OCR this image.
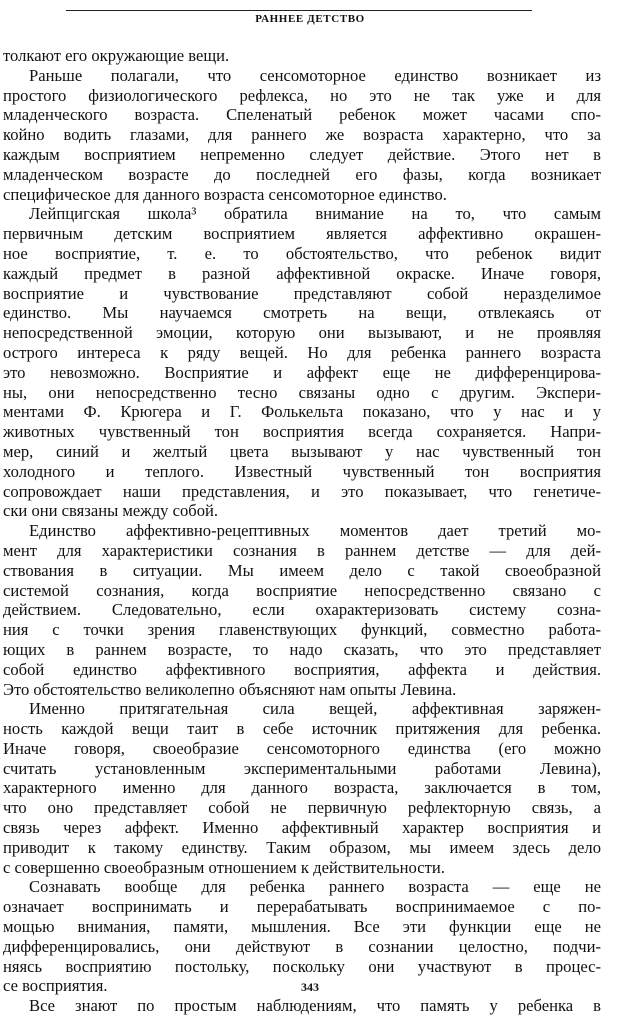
РАННЕЕ ДЕТСТВО
толкают его окружающие вещи.
Раньше полагали, что сенсомоторное единство возникает из
простого физиологического рефлекса, но это не так уже и для
младенческого возраста. Спеленатый ребенок может часами спо-
койно водить глазами, для раннего же возраста характерно, что за
каждым восприятием непременно следует действие. Этого нет в
младенческом возрасте до последней его фазы, когда возникает
специфическое для данного возраста сенсомоторное единство.
Лейпцигская школа³ обратила внимание на то, что самым
первичным детским восприятием является аффективно окрашен-
ное восприятие, т. е. то обстоятельство, что ребенок видит
каждый предмет в разной аффективной окраске. Иначе говоря,
восприятие и чувствование представляют собой неразделимое
единство. Мы научаемся смотреть на вещи, отвлекаясь от
непосредственной эмоции, которую они вызывают, и не проявляя
острого интереса к ряду вещей. Но для ребенка раннего возраста
это невозможно. Восприятие и аффект еще не дифференцирова-
ны, они непосредственно тесно связаны одно с другим. Экспери-
ментами Ф. Крюгера и Г. Фолькельта показано, что у нас и у
животных чувственный тон восприятия всегда сохраняется. Напри-
мер, синий и желтый цвета вызывают у нас чувственный тон
холодного и теплого. Известный чувственный тон восприятия
сопровождает наши представления, и это показывает, что генетиче-
ски они связаны между собой.
Единство аффективно-рецептивных моментов дает третий мо-
мент для характеристики сознания в раннем детстве — для дей-
ствования в ситуации. Мы имеем дело с такой своеобразной
системой сознания, когда восприятие непосредственно связано с
действием. Следовательно, если охарактеризовать систему созна-
ния с точки зрения главенствующих функций, совместно работа-
ющих в раннем возрасте, то надо сказать, что это представляет
собой единство аффективного восприятия, аффекта и действия.
Это обстоятельство великолепно объясняют нам опыты Левина.
Именно притягательная сила вещей, аффективная заряжен-
ность каждой вещи таит в себе источник притяжения для ребенка.
Иначе говоря, своеобразие сенсомоторного единства (его можно
считать установленным экспериментальными работами Левина),
характерного именно для данного возраста, заключается в том,
что оно представляет собой не первичную рефлекторную связь, а
связь через аффект. Именно аффективный характер восприятия и
приводит к такому единству. Таким образом, мы имеем здесь дело
с совершенно своеобразным отношением к действительности.
Сознавать вообще для ребенка раннего возраста — еще не
означает воспринимать и перерабатывать воспринимаемое с по-
мощью внимания, памяти, мышления. Все эти функции еще не
дифференцировались, они действуют в сознании целостно, подчи-
няясь восприятию постольку, поскольку они участвуют в процес-
се восприятия.
Все знают по простым наблюдениям, что память у ребенка в
343
